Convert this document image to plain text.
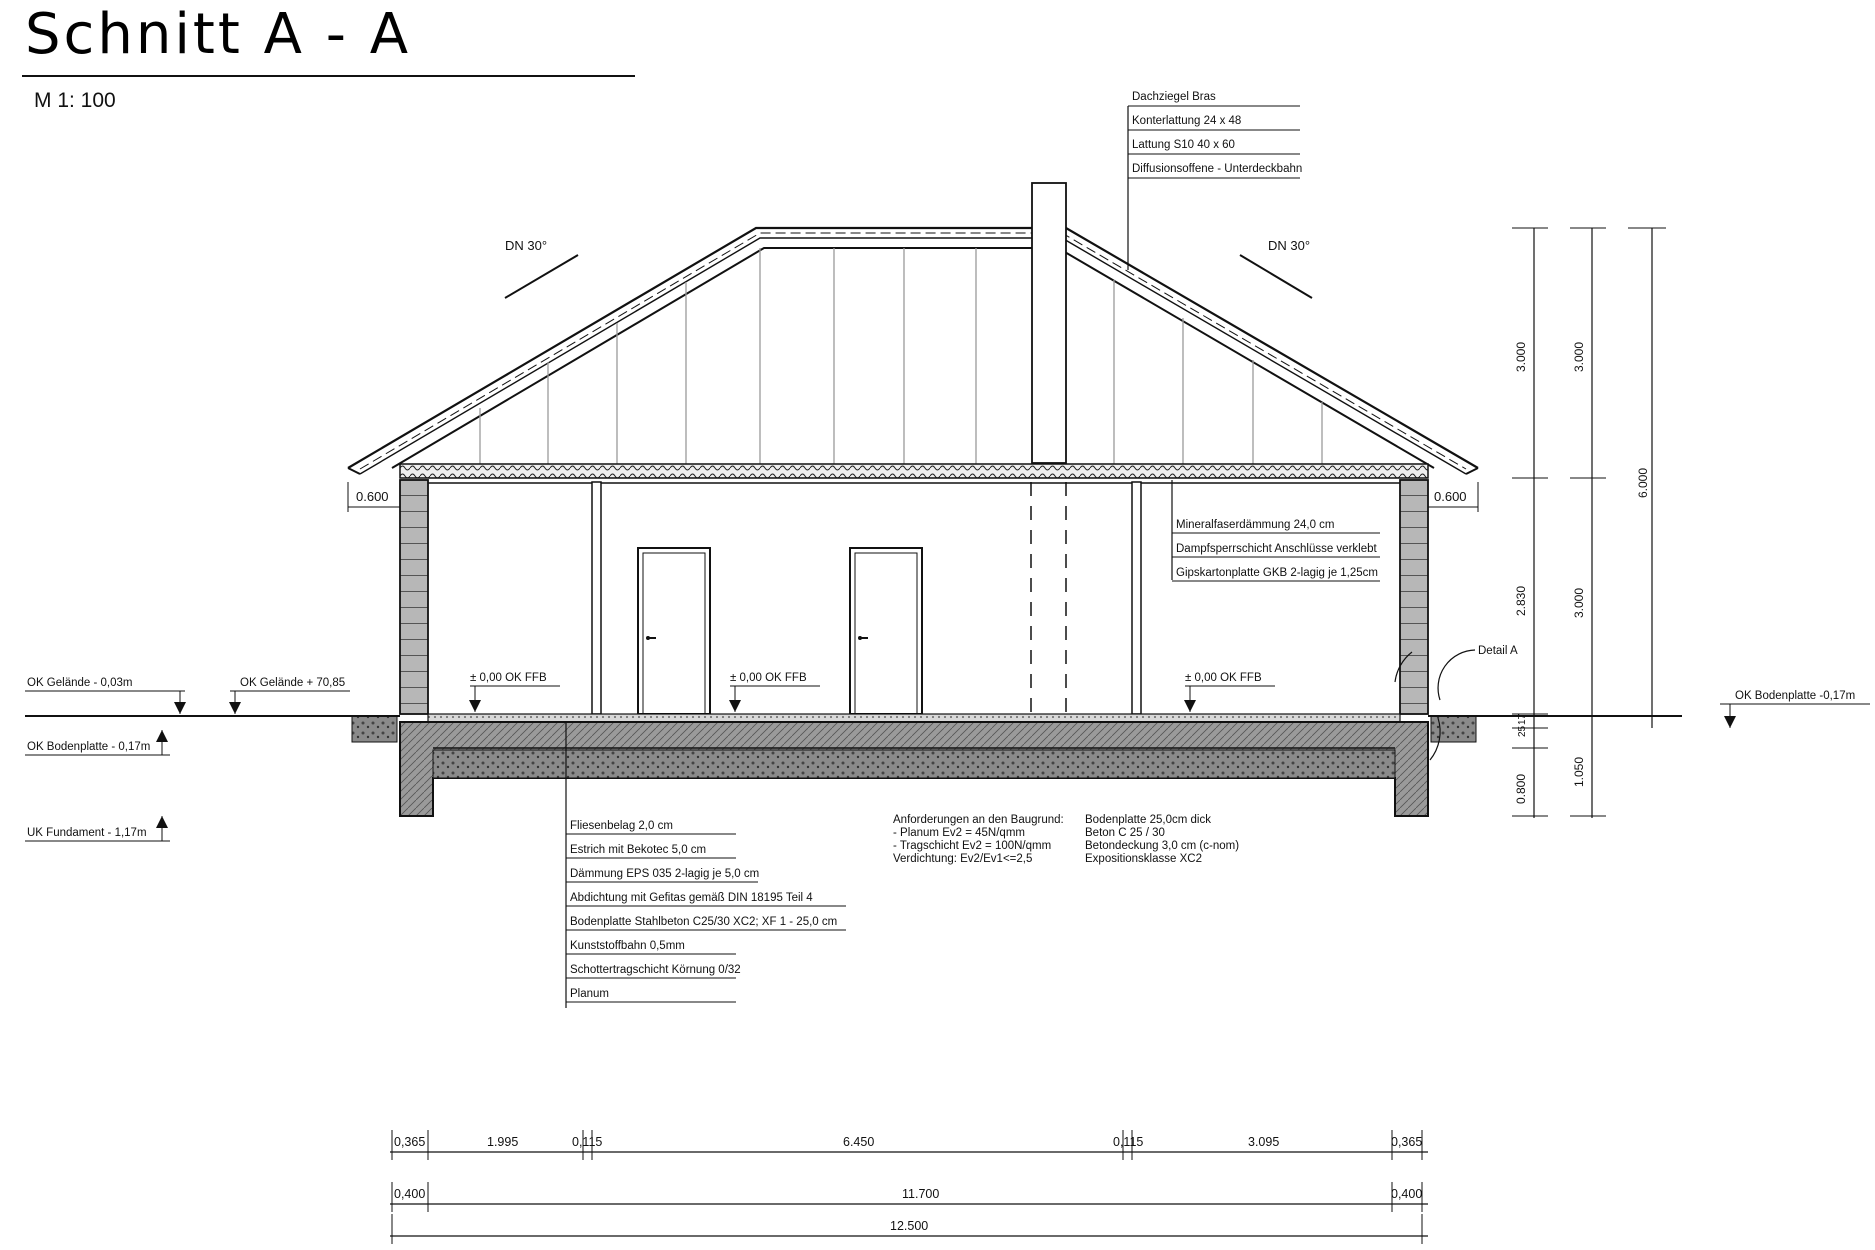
Schnitt A - A
M 1: 100
DN 30°	DN 30°
Dachziegel Bras
Konterlattung 24 x 48
Lattung S10 40 x 60
Diffusionsoffene - Unterdeckbahn
0.600	0.600
Mineralfaserdämmung 24,0 cm
Dampfsperrschicht Anschlüsse verklebt
Gipskartonplatte GKB 2-lagig je 1,25cm
± 0,00 OK FFB	± 0,00 OK FFB	± 0,00 OK FFB
OK Gelände - 0,03m	OK Gelände + 70,85
OK Bodenplatte - 0,17m
UK Fundament - 1,17m
OK Bodenplatte -0,17m
Detail A
Fliesenbelag 2,0 cm
Estrich mit Bekotec 5,0 cm
Dämmung EPS 035 2-lagig je 5,0 cm
Abdichtung mit Gefitas gemäß DIN 18195 Teil 4
Bodenplatte Stahlbeton C25/30 XC2; XF 1 - 25,0 cm
Kunststoffbahn 0,5mm
Schottertragschicht Körnung 0/32
Planum
Anforderungen an den Baugrund:
- Planum Ev2 = 45N/qmm
- Tragschicht Ev2 = 100N/qmm
Verdichtung: Ev2/Ev1<=2,5
Bodenplatte 25,0cm dick
Beton C 25 / 30
Betondeckung 3,0 cm (c-nom)
Expositionsklasse XC2
3.000
2.830
25
17
0.800
3.000
3.000
1.050
6.000
0,365	1.995	0,115	6.450	0,115	3.095	0,365
0,400	11.700	0,400
12.500
